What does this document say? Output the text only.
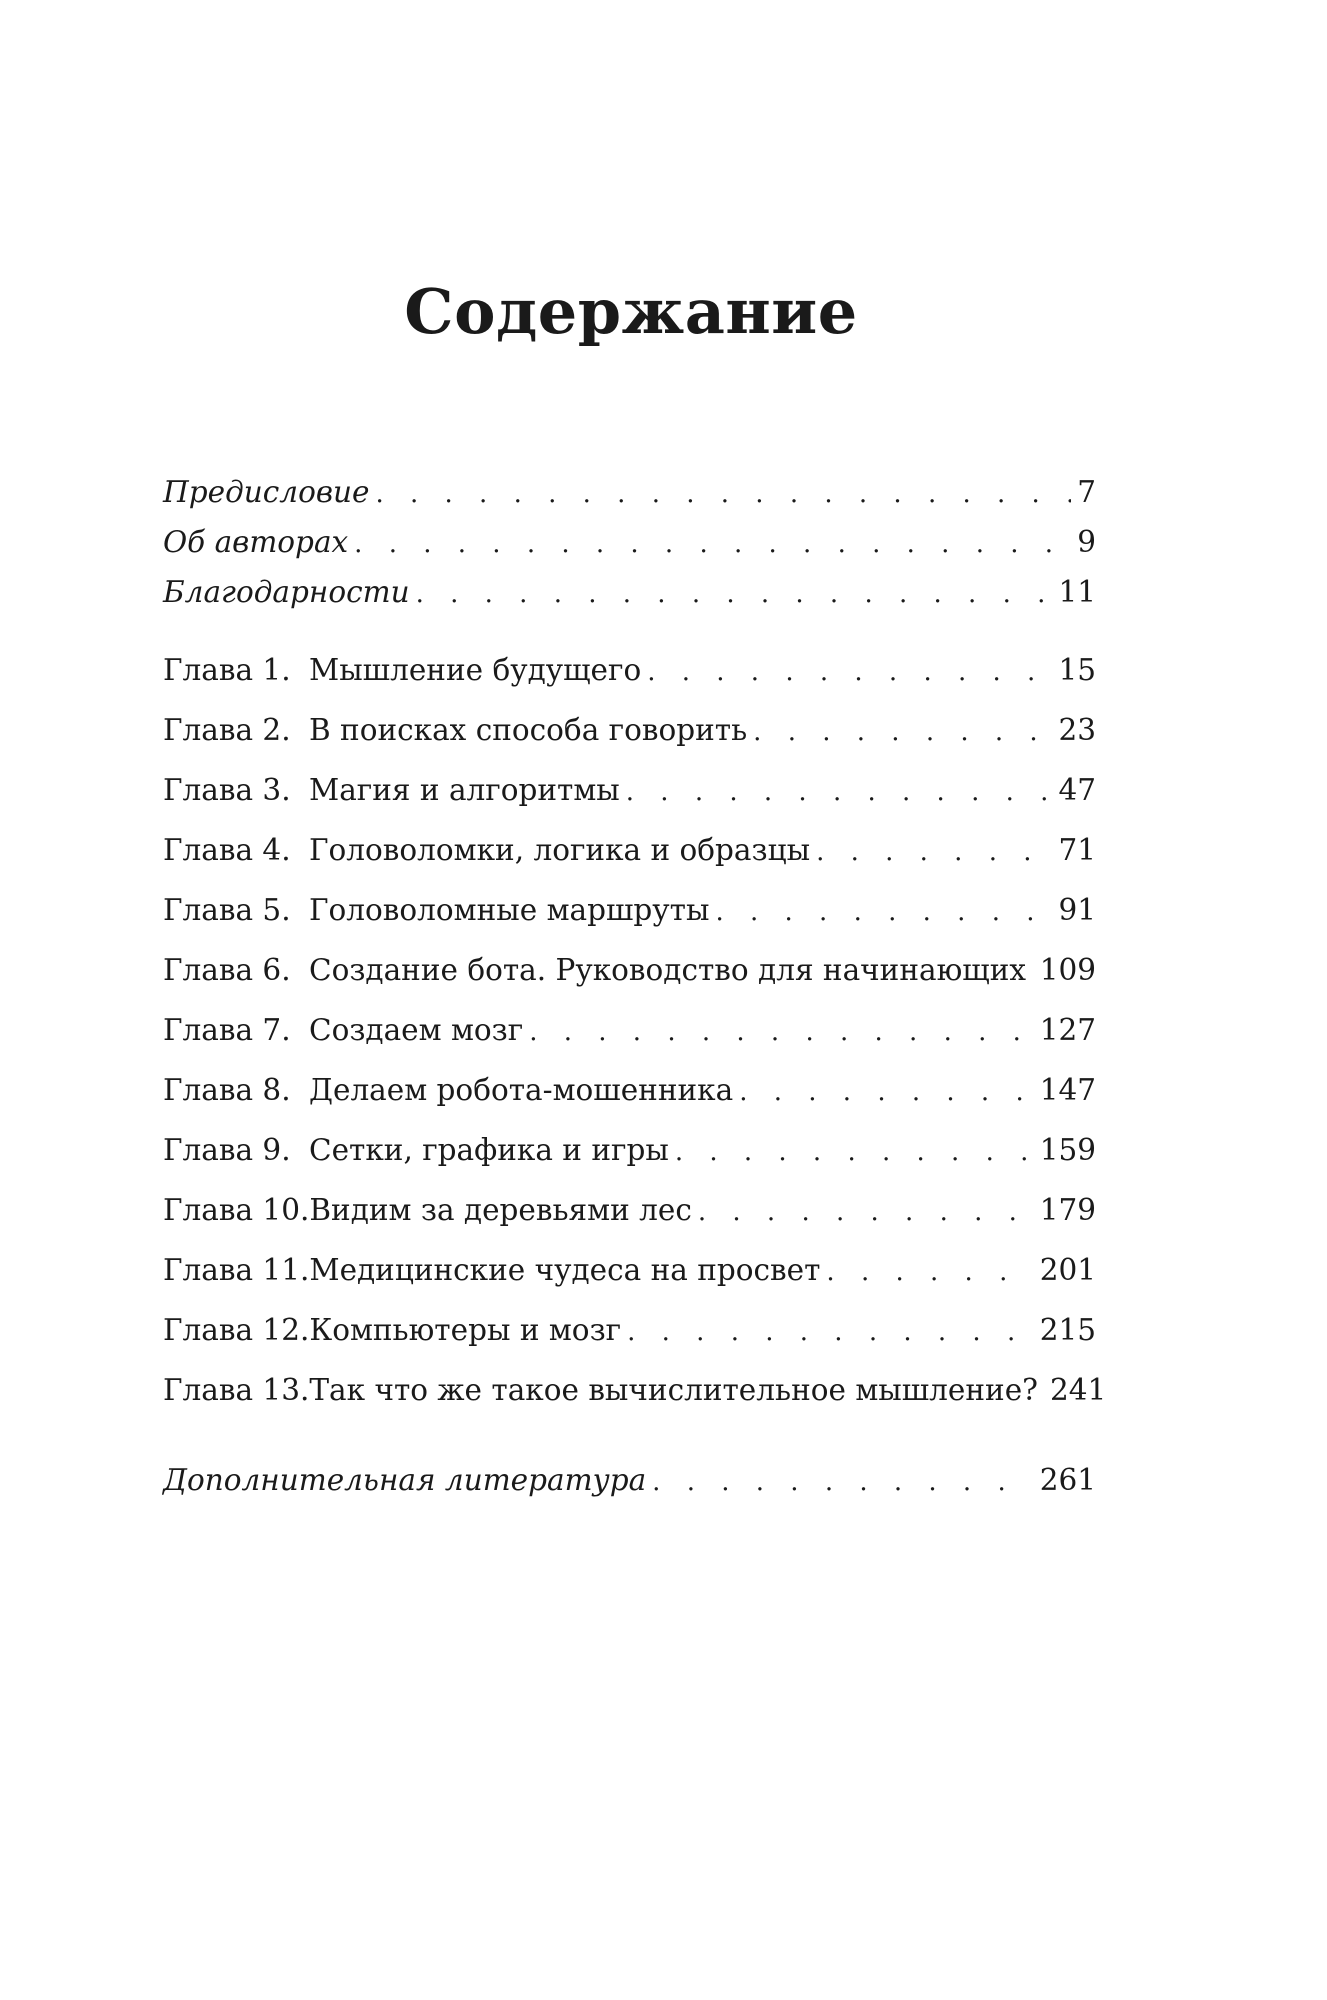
Содержание
Предисловие . . .	7
Об авторах . . .	9
Благодарности . . .	11
Глава 1. Мышление будущего . . .	15
Глава 2. В поисках способа говорить . . .	23
Глава 3. Магия и алгоритмы . . .	47
Глава 4. Головоломки, логика и образцы . . .	71
Глава 5. Головоломные маршруты . . .	91
Глава 6. Создание бота. Руководство для начинающих . . . 109
Глава 7. Создаем мозг . . .	127
Глава 8. Делаем робота-мошенника . . .	147
Глава 9. Сетки, графика и игры . . .	159
Глава 10. Видим за деревьями лес . . .	179
Глава 11. Медицинские чудеса на просвет . . .	201
Глава 12. Компьютеры и мозг . . .	215
Глава 13. Так что же такое вычислительное мышление? 241
Дополнительная литература . . .	261
